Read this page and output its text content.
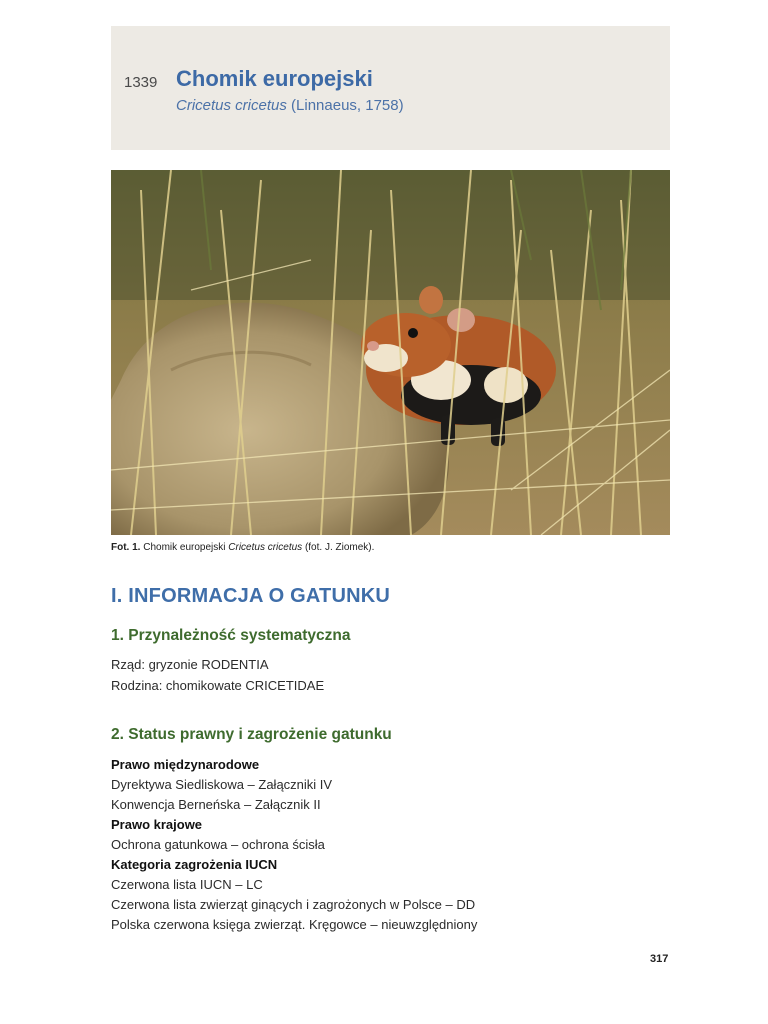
1339 Chomik europejski
Cricetus cricetus (Linnaeus, 1758)
Fot. 1. Chomik europejski Cricetus cricetus (fot. J. Ziomek).
I. INFORMACJA O GATUNKU
1. Przynależność systematyczna
Rząd: gryzonie RODENTIA
Rodzina: chomikowate CRICETIDAE
2. Status prawny i zagrożenie gatunku
Prawo międzynarodowe
Dyrektywa Siedliskowa – Załączniki IV
Konwencja Berneńska – Załącznik II
Prawo krajowe
Ochrona gatunkowa – ochrona ścisła
Kategoria zagrożenia IUCN
Czerwona lista IUCN – LC
Czerwona lista zwierząt ginących i zagrożonych w Polsce – DD
Polska czerwona księga zwierząt. Kręgowce – nieuwzględniony
317
